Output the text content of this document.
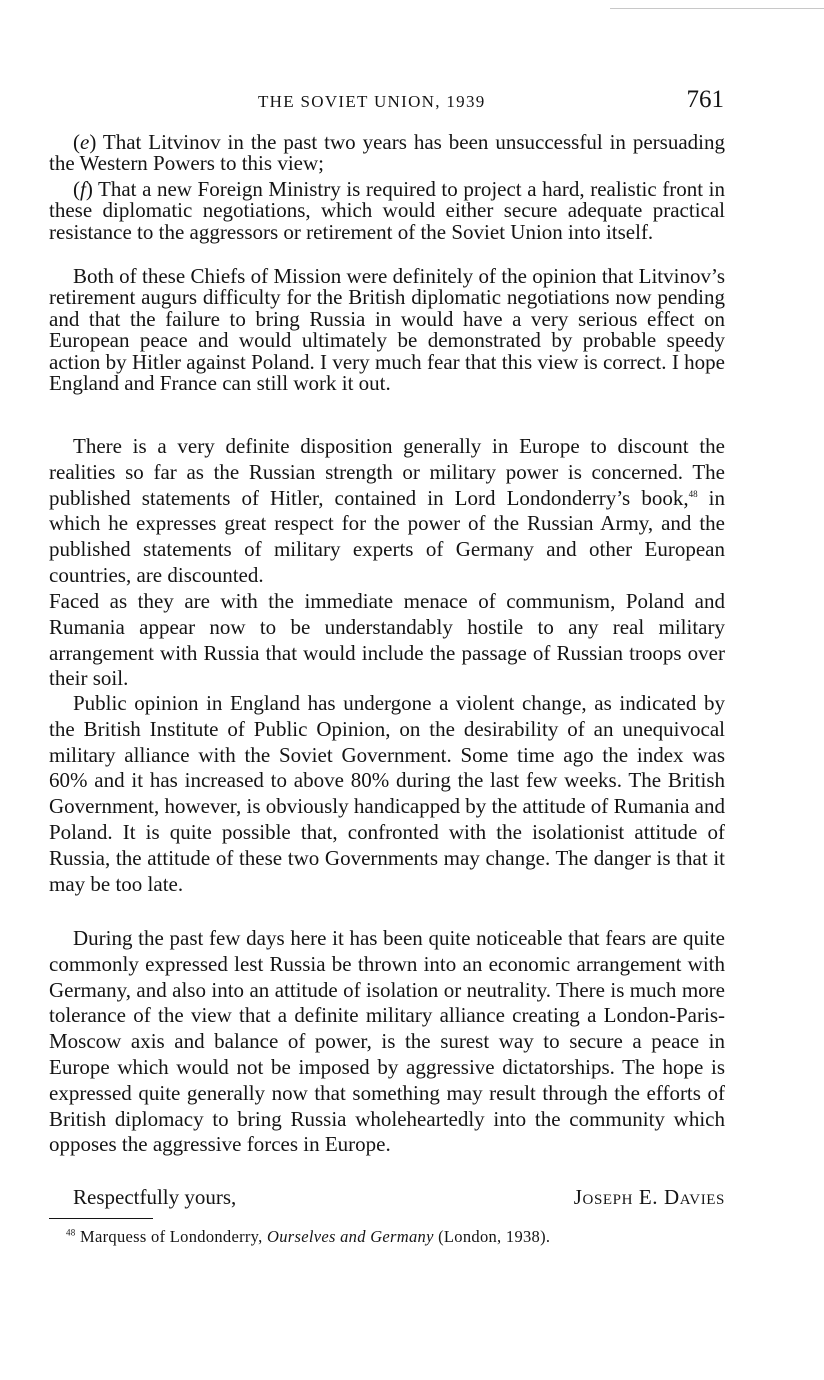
THE SOVIET UNION, 1939	761

(e) That Litvinov in the past two years has been unsuccessful in persuading the Western Powers to this view;

(f) That a new Foreign Ministry is required to project a hard, realistic front in these diplomatic negotiations, which would either secure adequate practical resistance to the aggressors or retirement of the Soviet Union into itself.

Both of these Chiefs of Mission were definitely of the opinion that Litvinov’s retirement augurs difficulty for the British diplomatic negotiations now pending and that the failure to bring Russia in would have a very serious effect on European peace and would ultimately be demonstrated by probable speedy action by Hitler against Poland. I very much fear that this view is correct. I hope England and France can still work it out.

There is a very definite disposition generally in Europe to discount the realities so far as the Russian strength or military power is concerned. The published statements of Hitler, contained in Lord Londonderry’s book,$^{48}$ in which he expresses great respect for the power of the Russian Army, and the published statements of military experts of Germany and other European countries, are discounted.

Faced as they are with the immediate menace of communism, Poland and Rumania appear now to be understandably hostile to any real military arrangement with Russia that would include the passage of Russian troops over their soil.

Public opinion in England has undergone a violent change, as indicated by the British Institute of Public Opinion, on the desirability of an unequivocal military alliance with the Soviet Government. Some time ago the index was 60% and it has increased to above 80% during the last few weeks. The British Government, however, is obviously handicapped by the attitude of Rumania and Poland. It is quite possible that, confronted with the isolationist attitude of Russia, the attitude of these two Governments may change. The danger is that it may be too late.

During the past few days here it has been quite noticeable that fears are quite commonly expressed lest Russia be thrown into an economic arrangement with Germany, and also into an attitude of isolation or neutrality. There is much more tolerance of the view that a definite military alliance creating a London-Paris-Moscow axis and balance of power, is the surest way to secure a peace in Europe which would not be imposed by aggressive dictatorships. The hope is expressed quite generally now that something may result through the efforts of British diplomacy to bring Russia wholeheartedly into the community which opposes the aggressive forces in Europe.

Respectfully yours,	Joseph E. Davies
$^{48}$ Marquess of Londonderry, Ourselves and Germany (London, 1938).
